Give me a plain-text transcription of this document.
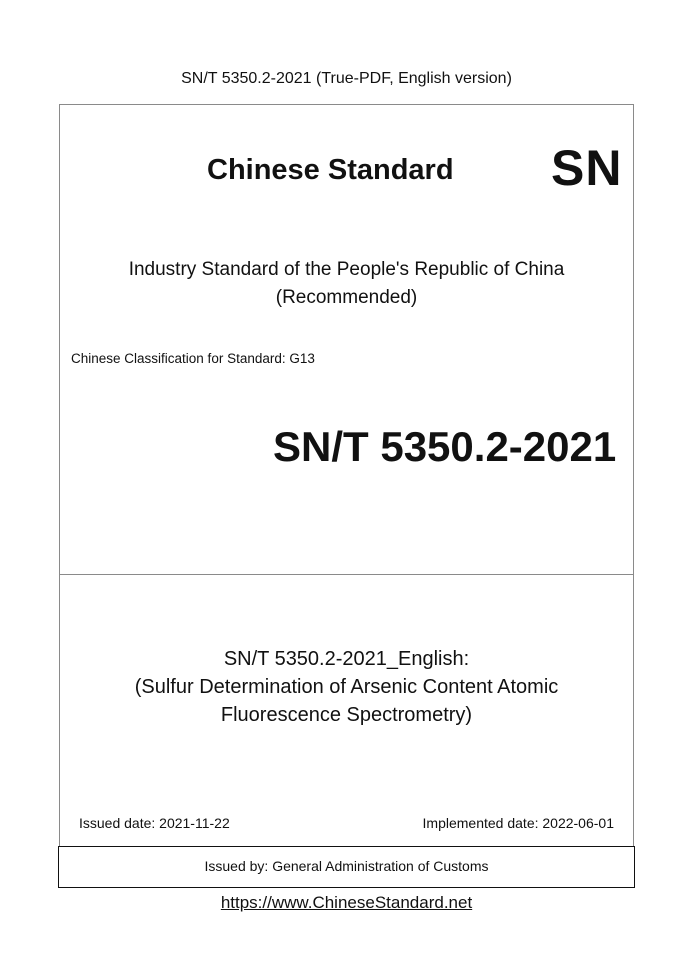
SN/T 5350.2-2021 (True-PDF, English version)
Chinese Standard SN
Industry Standard of the People's Republic of China
(Recommended)
Chinese Classification for Standard: G13
SN/T 5350.2-2021
SN/T 5350.2-2021_English:
(Sulfur Determination of Arsenic Content Atomic
Fluorescence Spectrometry)
Issued date: 2021-11-22	Implemented date: 2022-06-01
Issued by: General Administration of Customs
https://www.ChineseStandard.net
